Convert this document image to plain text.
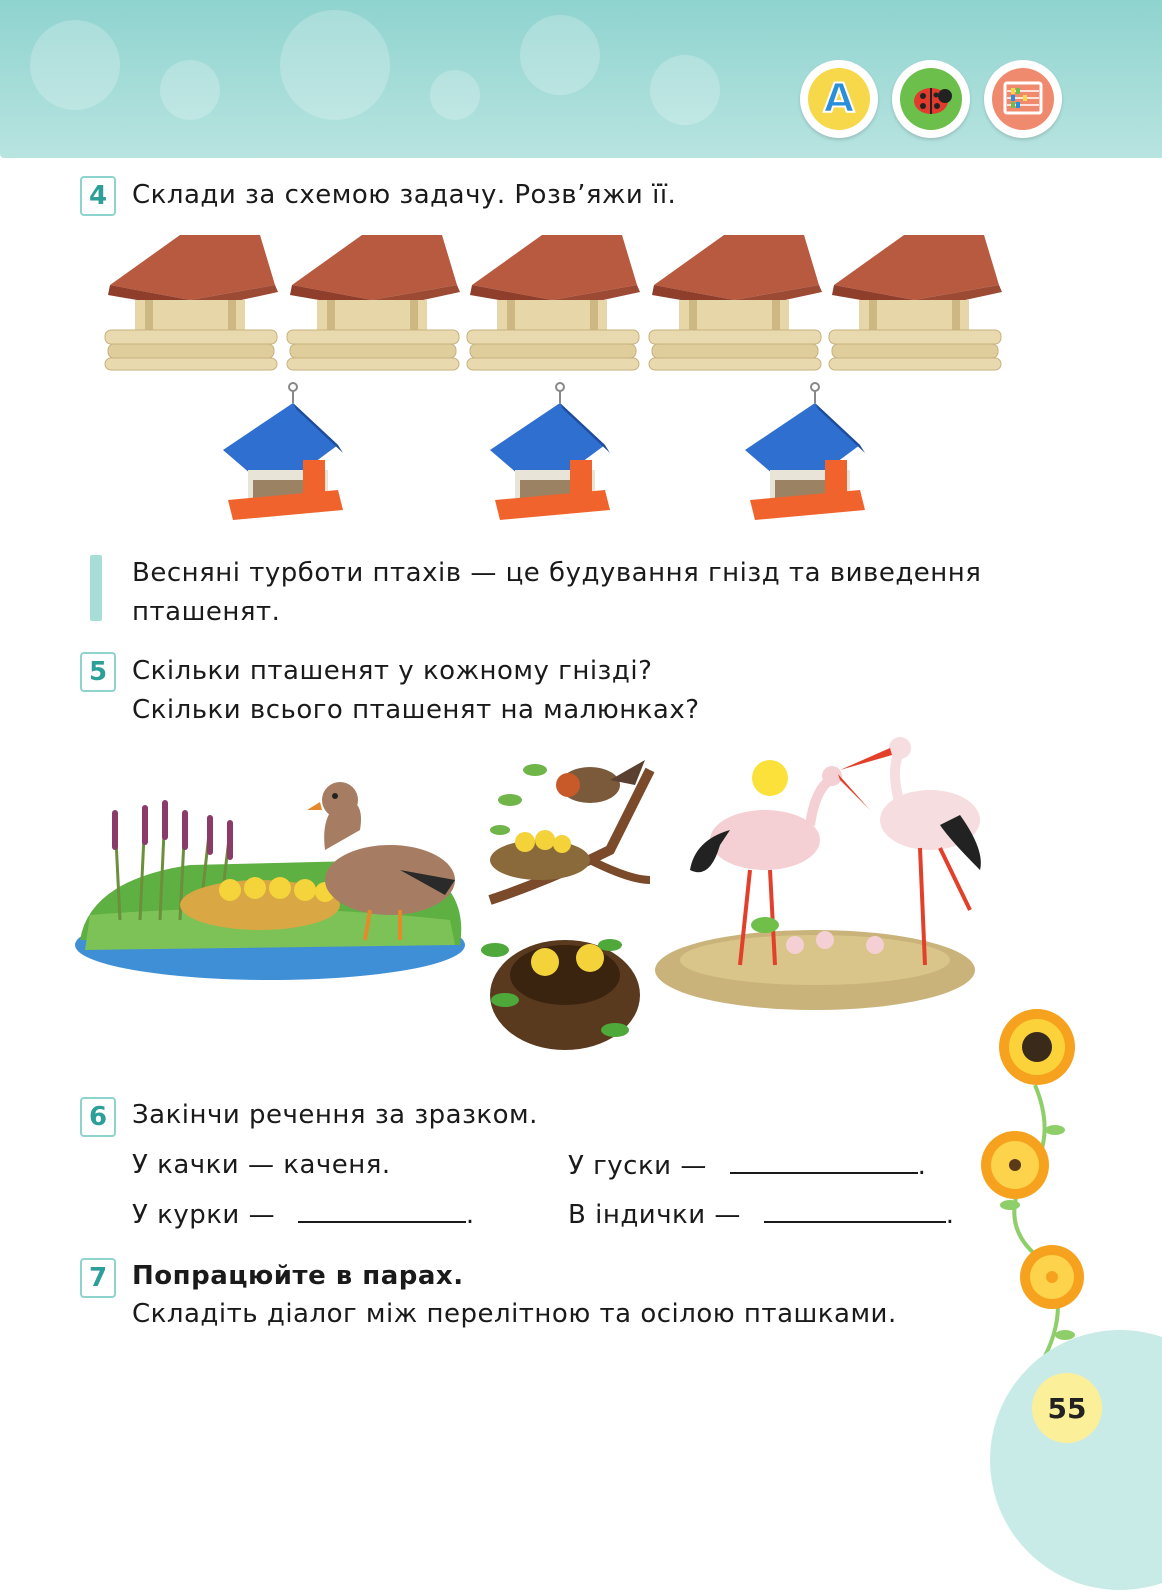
A
4 Склади за схемою задачу. Розв’яжи її.
Весняні турботи птахів — це будування гнізд та виведення
пташенят.
5 Скільки пташенят у кожному гнізді?
Скільки всього пташенят на малюнках?
6 Закінчи речення за зразком.
У качки — каченя.	У гуски —	.
У курки —	.	В індички —	.
7 Попрацюйте в парах.
Складіть діалог між перелітною та осілою пташками.
55
